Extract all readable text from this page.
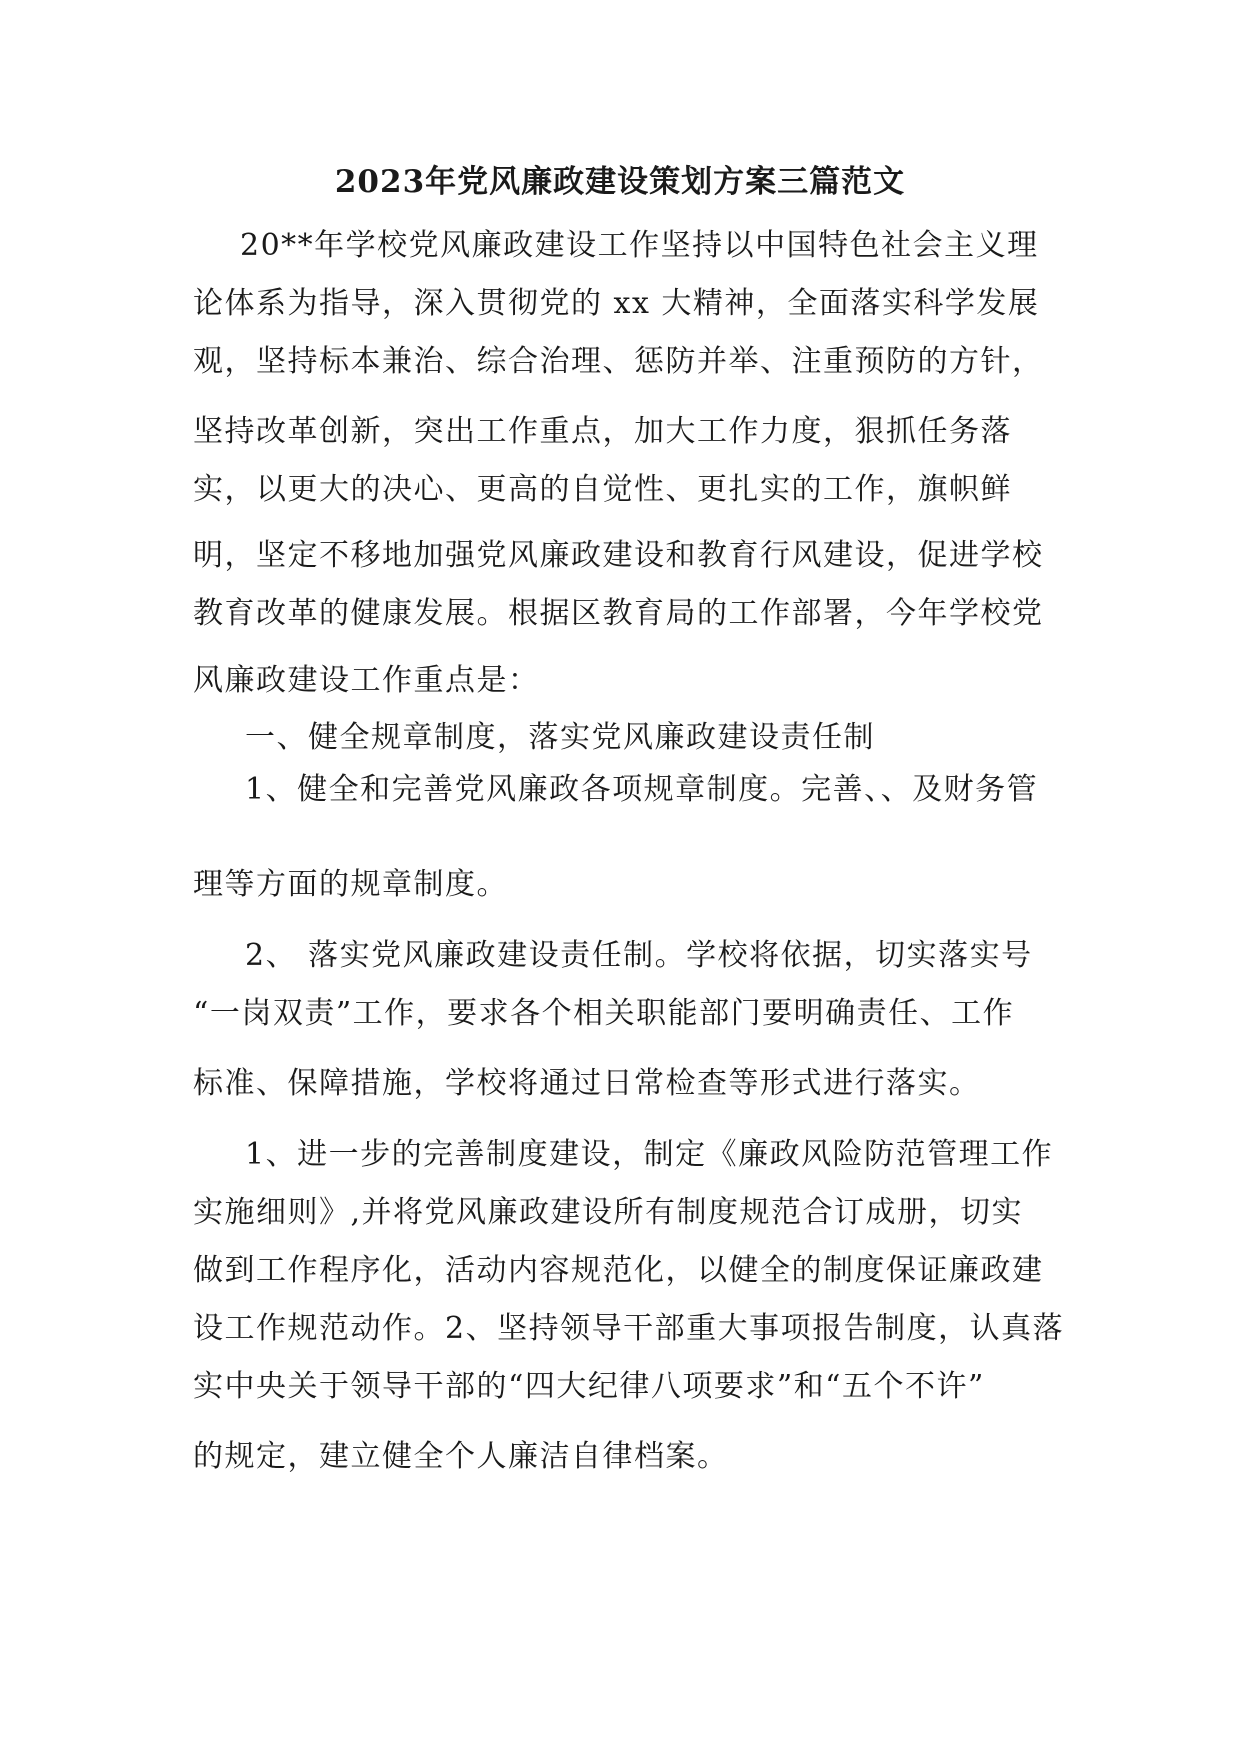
2023年党风廉政建设策划方案三篇范文
20**年学校党风廉政建设工作坚持以中国特色社会主义理
论体系为指导，深入贯彻党的 xx 大精神，全面落实科学发展
观，坚持标本兼治、综合治理、惩防并举、注重预防的方针，
坚持改革创新，突出工作重点，加大工作力度，狠抓任务落
实，以更大的决心、更高的自觉性、更扎实的工作，旗帜鲜
明，坚定不移地加强党风廉政建设和教育行风建设，促进学校
教育改革的健康发展。根据区教育局的工作部署，今年学校党
风廉政建设工作重点是：
一、健全规章制度，落实党风廉政建设责任制
1、健全和完善党风廉政各项规章制度。完善、、及财务管
理等方面的规章制度。
2、 落实党风廉政建设责任制。学校将依据，切实落实号
“一岗双责”工作，要求各个相关职能部门要明确责任、工作
标准、保障措施，学校将通过日常检查等形式进行落实。
1、进一步的完善制度建设，制定《廉政风险防范管理工作
实施细则》,并将党风廉政建设所有制度规范合订成册，切实
做到工作程序化，活动内容规范化，以健全的制度保证廉政建
设工作规范动作。2、坚持领导干部重大事项报告制度，认真落
实中央关于领导干部的“四大纪律八项要求”和“五个不许”
的规定，建立健全个人廉洁自律档案。
